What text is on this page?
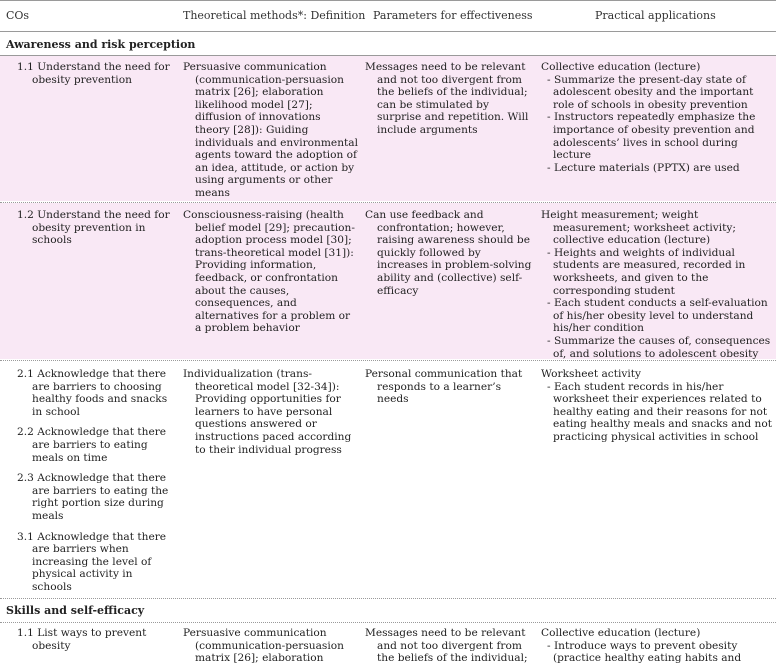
COs	Theoretical methods*: Definition Parameters for effectiveness	Practical applications
Awareness and risk perception

1.1 Understand the need for obesity prevention

Persuasive communication (communication-persuasion matrix [26]; elaboration likelihood model [27]; diffusion of innovations theory [28]): Guiding individuals and environmental agents toward the adoption of an idea, attitude, or action by using arguments or other means

Messages need to be relevant and not too divergent from the beliefs of the individual; can be stimulated by surprise and repetition. Will include arguments

Collective education (lecture)

- Summarize the present-day state of adolescent obesity and the important role of schools in obesity prevention

- Instructors repeatedly emphasize the importance of obesity prevention and adolescents’ lives in school during lecture

- Lecture materials (PPTX) are used

1.2 Understand the need for obesity prevention in schools

Consciousness-raising (health belief model [29]; precaution-adoption process model [30]; trans-theoretical model [31]): Providing information, feedback, or confrontation about the causes, consequences, and alternatives for a problem or a problem behavior

Can use feedback and confrontation; however, raising awareness should be quickly followed by increases in problem-solving ability and (collective) self-efficacy

Height measurement; weight measurement; worksheet activity; collective education (lecture)

- Heights and weights of individual students are measured, recorded in worksheets, and given to the corresponding student

- Each student conducts a self-evaluation of his/her obesity level to understand his/her condition

- Summarize the causes of, consequences of, and solutions to adolescent obesity

2.1 Acknowledge that there are barriers to choosing healthy foods and snacks in school

2.2 Acknowledge that there are barriers to eating meals on time

2.3 Acknowledge that there are barriers to eating the right portion size during meals

3.1 Acknowledge that there are barriers when increasing the level of physical activity in schools

Individualization (trans-theoretical model [32-34]): Providing opportunities for learners to have personal questions answered or instructions paced according to their individual progress

Personal communication that responds to a learner’s needs

Worksheet activity

- Each student records in his/her worksheet their experiences related to healthy eating and their reasons for not eating healthy meals and snacks and not practicing physical activities in school

Skills and self-efficacy

1.1 List ways to prevent obesity

Persuasive communication (communication-persuasion matrix [26]; elaboration

Messages need to be relevant and not too divergent from the beliefs of the individual;

Collective education (lecture)

- Introduce ways to prevent obesity (practice healthy eating habits and
